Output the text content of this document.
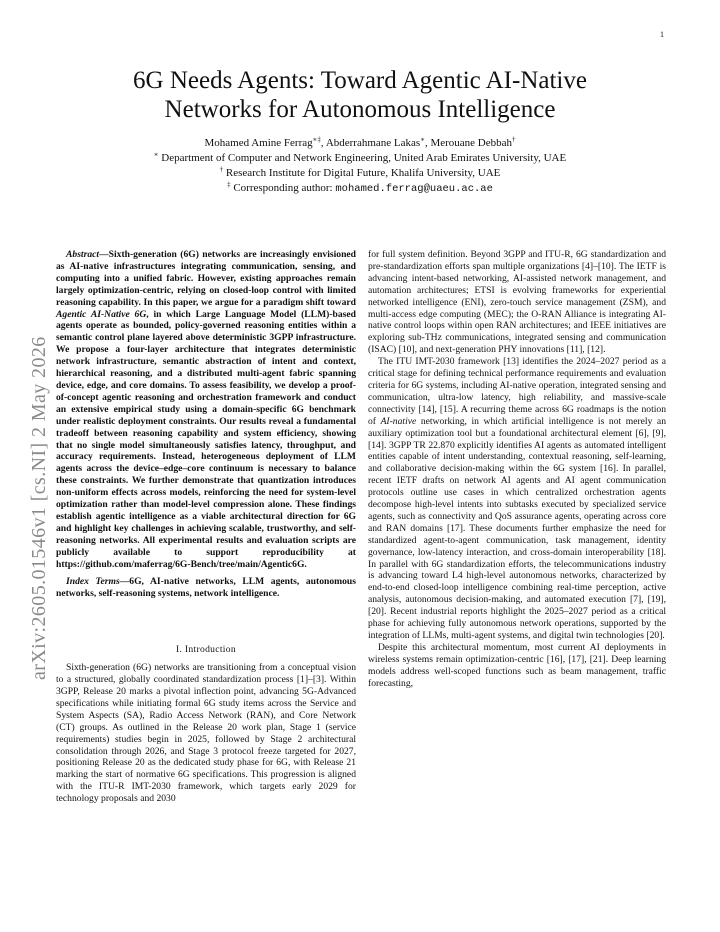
1
arXiv:2605.01546v1 [cs.NI] 2 May 2026
6G Needs Agents: Toward Agentic AI-Native
Networks for Autonomous Intelligence
Mohamed Amine Ferrag∗‡, Abderrahmane Lakas∗, Merouane Debbah†
∗ Department of Computer and Network Engineering, United Arab Emirates University, UAE
† Research Institute for Digital Future, Khalifa University, UAE
‡ Corresponding author: mohamed.ferrag@uaeu.ac.ae

Abstract—Sixth-generation (6G) networks are increasingly envisioned as AI-native infrastructures integrating communication, sensing, and computing into a unified fabric. However, existing approaches remain largely optimization-centric, relying on closed-loop control with limited reasoning capability. In this paper, we argue for a paradigm shift toward Agentic AI-Native 6G, in which Large Language Model (LLM)-based agents operate as bounded, policy-governed reasoning entities within a semantic control plane layered above deterministic 3GPP infrastructure. We propose a four-layer architecture that integrates deterministic network infrastructure, semantic abstraction of intent and context, hierarchical reasoning, and a distributed multi-agent fabric spanning device, edge, and core domains. To assess feasibility, we develop a proof-of-concept agentic reasoning and orchestration framework and conduct an extensive empirical study using a domain-specific 6G benchmark under realistic deployment constraints. Our results reveal a fundamental tradeoff between reasoning capability and system efficiency, showing that no single model simultaneously satisfies latency, throughput, and accuracy requirements. Instead, heterogeneous deployment of LLM agents across the device–edge–core continuum is necessary to balance these constraints. We further demonstrate that quantization introduces non-uniform effects across models, reinforcing the need for system-level optimization rather than model-level compression alone. These findings establish agentic intelligence as a viable architectural direction for 6G and highlight key challenges in achieving scalable, trustworthy, and self-reasoning networks. All experimental results and evaluation scripts are publicly available to support reproducibility at https://github.com/maferrag/6G-Bench/tree/main/Agentic6G.

Index Terms—6G, AI-native networks, LLM agents, autonomous networks, self-reasoning systems, network intelligence.

I. Introduction

Sixth-generation (6G) networks are transitioning from a conceptual vision to a structured, globally coordinated standardization process [1]–[3]. Within 3GPP, Release 20 marks a pivotal inflection point, advancing 5G-Advanced specifications while initiating formal 6G study items across the Service and System Aspects (SA), Radio Access Network (RAN), and Core Network (CT) groups. As outlined in the Release 20 work plan, Stage 1 (service requirements) studies begin in 2025, followed by Stage 2 architectural consolidation through 2026, and Stage 3 protocol freeze targeted for 2027, positioning Release 20 as the dedicated study phase for 6G, with Release 21 marking the start of normative 6G specifications. This progression is aligned with the ITU-R IMT-2030 framework, which targets early 2029 for technology proposals and 2030

for full system definition. Beyond 3GPP and ITU-R, 6G standardization and pre-standardization efforts span multiple organizations [4]–[10]. The IETF is advancing intent-based networking, AI-assisted network management, and automation architectures; ETSI is evolving frameworks for experiential networked intelligence (ENI), zero-touch service management (ZSM), and multi-access edge computing (MEC); the O-RAN Alliance is integrating AI-native control loops within open RAN architectures; and IEEE initiatives are exploring sub-THz communications, integrated sensing and communication (ISAC) [10], and next-generation PHY innovations [11], [12].

The ITU IMT-2030 framework [13] identifies the 2024–2027 period as a critical stage for defining technical performance requirements and evaluation criteria for 6G systems, including AI-native operation, integrated sensing and communication, ultra-low latency, high reliability, and massive-scale connectivity [14], [15]. A recurring theme across 6G roadmaps is the notion of AI-native networking, in which artificial intelligence is not merely an auxiliary optimization tool but a foundational architectural element [6], [9], [14]. 3GPP TR 22.870 explicitly identifies AI agents as automated intelligent entities capable of intent understanding, contextual reasoning, self-learning, and collaborative decision-making within the 6G system [16]. In parallel, recent IETF drafts on network AI agents and AI agent communication protocols outline use cases in which centralized orchestration agents decompose high-level intents into subtasks executed by specialized service agents, such as connectivity and QoS assurance agents, operating across core and RAN domains [17]. These documents further emphasize the need for standardized agent-to-agent communication, task management, identity governance, low-latency interaction, and cross-domain interoperability [18]. In parallel with 6G standardization efforts, the telecommunications industry is advancing toward L4 high-level autonomous networks, characterized by end-to-end closed-loop intelligence combining real-time perception, active analysis, autonomous decision-making, and automated execution [7], [19], [20]. Recent industrial reports highlight the 2025–2027 period as a critical phase for achieving fully autonomous network operations, supported by the integration of LLMs, multi-agent systems, and digital twin technologies [20].

Despite this architectural momentum, most current AI deployments in wireless systems remain optimization-centric [16], [17], [21]. Deep learning models address well-scoped functions such as beam management, traffic forecasting,
